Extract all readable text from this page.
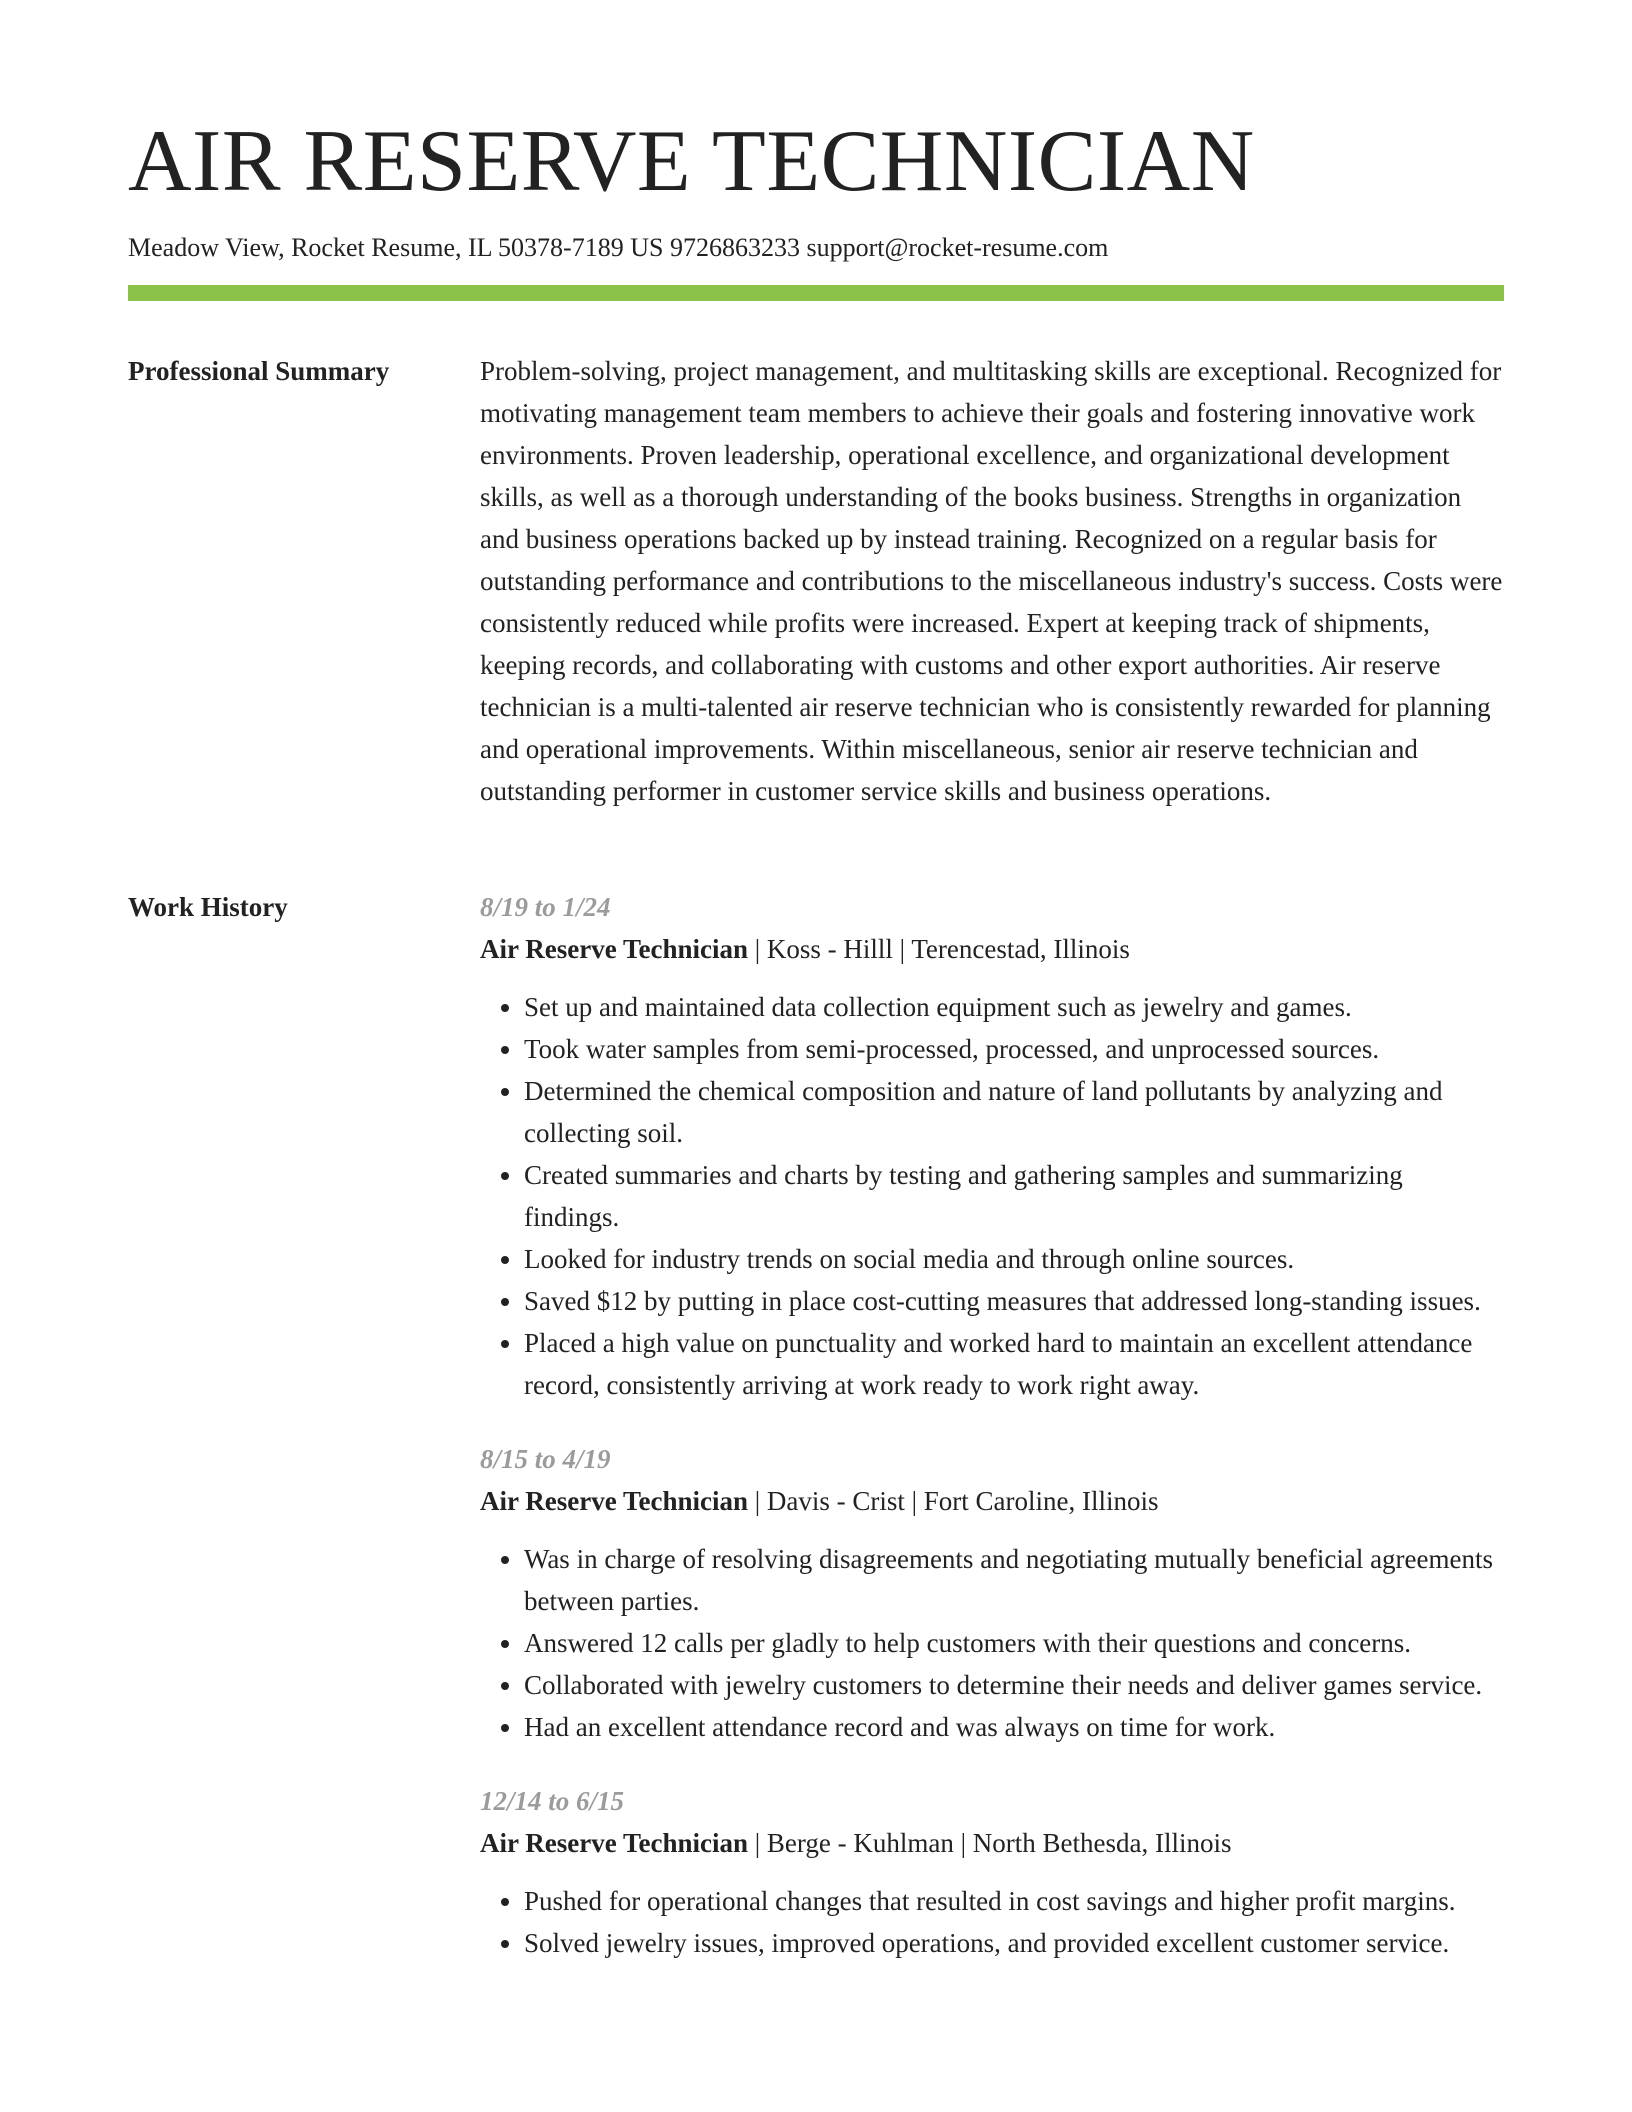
AIR RESERVE TECHNICIAN
Meadow View, Rocket Resume, IL 50378-7189 US 9726863233 support@rocket-resume.com
Professional Summary	Problem-solving, project management, and multitasking skills are exceptional. Recognized for motivating management team members to achieve their goals and fostering innovative work environments. Proven leadership, operational excellence, and organizational development skills, as well as a thorough understanding of the books business. Strengths in organization and business operations backed up by instead training. Recognized on a regular basis for outstanding performance and contributions to the miscellaneous industry's success. Costs were consistently reduced while profits were increased. Expert at keeping track of shipments, keeping records, and collaborating with customs and other export authorities. Air reserve technician is a multi-talented air reserve technician who is consistently rewarded for planning and operational improvements. Within miscellaneous, senior air reserve technician and outstanding performer in customer service skills and business operations.

Work History	8/19 to 1/24
Air Reserve Technician | Koss - Hilll | Terencestad, Illinois
• Set up and maintained data collection equipment such as jewelry and games.
• Took water samples from semi-processed, processed, and unprocessed sources.
• Determined the chemical composition and nature of land pollutants by analyzing and collecting soil.
• Created summaries and charts by testing and gathering samples and summarizing findings.
• Looked for industry trends on social media and through online sources.
• Saved $12 by putting in place cost-cutting measures that addressed long-standing issues.
• Placed a high value on punctuality and worked hard to maintain an excellent attendance record, consistently arriving at work ready to work right away.
8/15 to 4/19
Air Reserve Technician | Davis - Crist | Fort Caroline, Illinois
• Was in charge of resolving disagreements and negotiating mutually beneficial agreements between parties.
• Answered 12 calls per gladly to help customers with their questions and concerns.
• Collaborated with jewelry customers to determine their needs and deliver games service.
• Had an excellent attendance record and was always on time for work.
12/14 to 6/15
Air Reserve Technician | Berge - Kuhlman | North Bethesda, Illinois
• Pushed for operational changes that resulted in cost savings and higher profit margins.
• Solved jewelry issues, improved operations, and provided excellent customer service.
